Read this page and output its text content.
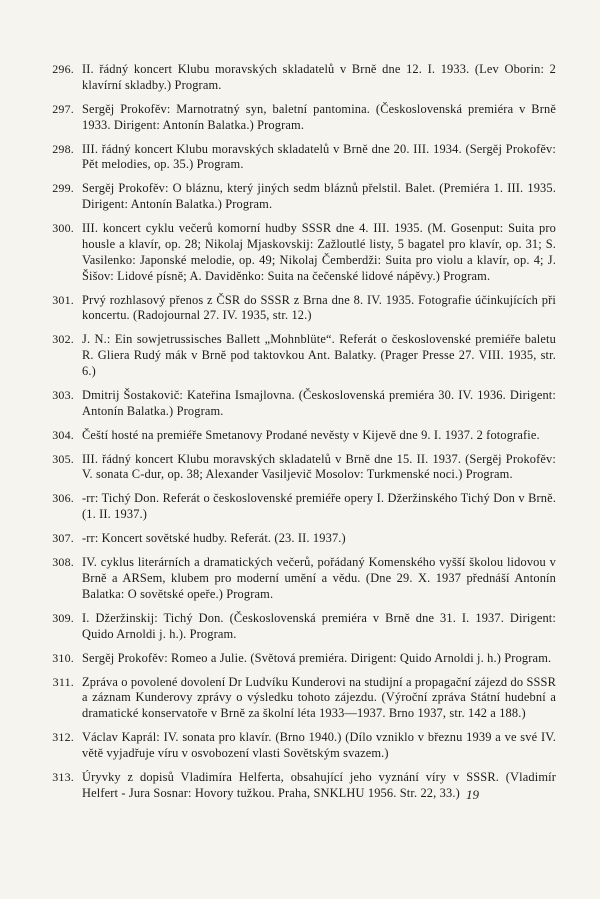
296. II. řádný koncert Klubu moravských skladatelů v Brně dne 12. I. 1933. (Lev Oborin: 2 klavírní skladby.) Program.
297. Sergěj Prokofěv: Marnotratný syn, baletní pantomina. (Československá premiéra v Brně 1933. Dirigent: Antonín Balatka.) Program.
298. III. řádný koncert Klubu moravských skladatelů v Brně dne 20. III. 1934. (Sergěj Prokofěv: Pět melodies, op. 35.) Program.
299. Sergěj Prokofěv: O bláznu, který jiných sedm bláznů přelstil. Balet. (Premiéra 1. III. 1935. Dirigent: Antonín Balatka.) Program.
300. III. koncert cyklu večerů komorní hudby SSSR dne 4. III. 1935. (M. Gosenput: Suita pro housle a klavír, op. 28; Nikolaj Mjaskovskij: Zažloutlé listy, 5 bagatel pro klavír, op. 31; S. Vasilenko: Japonské melodie, op. 49; Nikolaj Čemberdži: Suita pro violu a klavír, op. 4; J. Šišov: Lidové písně; A. Daviděnko: Suita na čečenské lidové nápěvy.) Program.
301. Prvý rozhlasový přenos z ČSR do SSSR z Brna dne 8. IV. 1935. Fotografie účinkujících při koncertu. (Radojournal 27. IV. 1935, str. 12.)
302. J. N.: Ein sowjetrussisches Ballett „Mohnblüte“. Referát o československé premiéře baletu R. Gliera Rudý mák v Brně pod taktovkou Ant. Balatky. (Prager Presse 27. VIII. 1935, str. 6.)
303. Dmitrij Šostakovič: Kateřina Ismajlovna. (Československá premiéra 30. IV. 1936. Dirigent: Antonín Balatka.) Program.
304. Čeští hosté na premiéře Smetanovy Prodané nevěsty v Kijevě dne 9. I. 1937. 2 fotografie.
305. III. řádný koncert Klubu moravských skladatelů v Brně dne 15. II. 1937. (Sergěj Prokofěv: V. sonata C-dur, op. 38; Alexander Vasiljevič Mosolov: Turkmenské noci.) Program.
306. -rr: Tichý Don. Referát o československé premiéře opery I. Džeržinského Tichý Don v Brně. (1. II. 1937.)
307. -rr: Koncert sovětské hudby. Referát. (23. II. 1937.)
308. IV. cyklus literárních a dramatických večerů, pořádaný Komenského vyšší školou lidovou v Brně a ARSem, klubem pro moderní umění a vědu. (Dne 29. X. 1937 přednáší Antonín Balatka: O sovětské opeře.) Program.
309. I. Džeržinskij: Tichý Don. (Československá premiéra v Brně dne 31. I. 1937. Dirigent: Quido Arnoldi j. h.). Program.
310. Sergěj Prokofěv: Romeo a Julie. (Světová premiéra. Dirigent: Quido Arnoldi j. h.) Program.
311. Zpráva o povolené dovolení Dr Ludvíku Kunderovi na studijní a propagační zájezd do SSSR a záznam Kunderovy zprávy o výsledku tohoto zájezdu. (Výroční zpráva Státní hudební a dramatické konservatoře v Brně za školní léta 1933—1937. Brno 1937, str. 142 a 188.)
312. Václav Kaprál: IV. sonata pro klavír. (Brno 1940.) (Dílo vzniklo v březnu 1939 a ve své IV. větě vyjadřuje víru v osvobození vlasti Sovětským svazem.)
313. Úryvky z dopisů Vladimíra Helferta, obsahující jeho vyznání víry v SSSR. (Vladimír Helfert - Jura Sosnar: Hovory tužkou. Praha, SNKLHU 1956. Str. 22, 33.) 19
